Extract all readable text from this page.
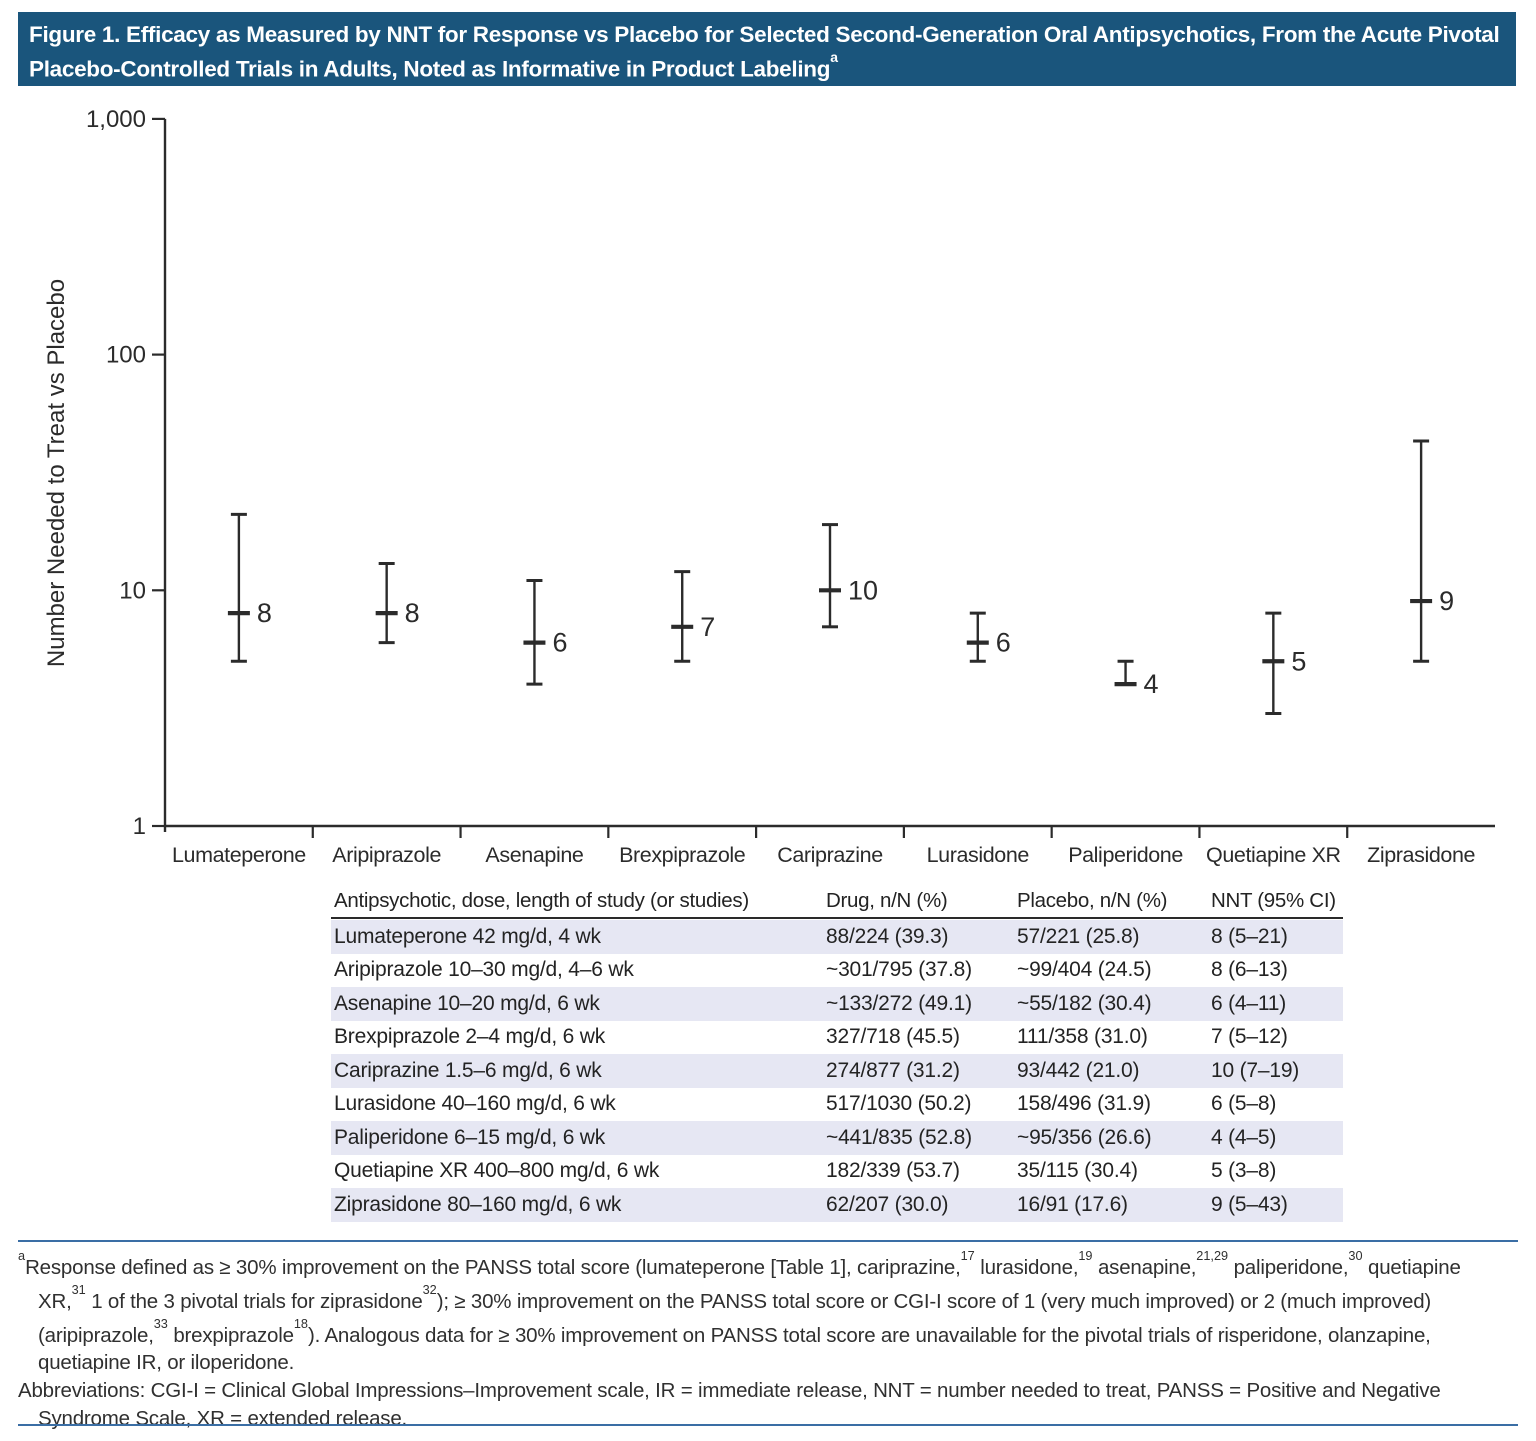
Figure 1. Efficacy as Measured by NNT for Response vs Placebo for Selected Second-Generation Oral Antipsychotics, From the Acute Pivotal Placebo-Controlled Trials in Adults, Noted as Informative in Product Labeling$^a$
1
10
100
1,000
Lumateperone Aripiprazole Asenapine Brexpiprazole Cariprazine Lurasidone Paliperidone Quetiapine XR Ziprasidone
Number Needed to Treat vs Placebo	8	8
6
7
10
6
4
5
9
Antipsychotic, dose, length of study (or studies)	Drug, n/N (%)	Placebo, n/N (%)	NNT (95% CI)
Lumateperone 42 mg/d, 4 wk	88/224 (39.3)	57/221 (25.8)	8 (5–21)
Aripiprazole 10–30 mg/d, 4–6 wk	~301/795 (37.8)	~99/404 (24.5)	8 (6–13)
Asenapine 10–20 mg/d, 6 wk	~133/272 (49.1)	~55/182 (30.4)	6 (4–11)
Brexpiprazole 2–4 mg/d, 6 wk	327/718 (45.5)	111/358 (31.0)	7 (5–12)
Cariprazine 1.5–6 mg/d, 6 wk	274/877 (31.2)	93/442 (21.0)	10 (7–19)
Lurasidone 40–160 mg/d, 6 wk	517/1030 (50.2)	158/496 (31.9)	6 (5–8)
Paliperidone 6–15 mg/d, 6 wk	~441/835 (52.8)	~95/356 (26.6)	4 (4–5)
Quetiapine XR 400–800 mg/d, 6 wk	182/339 (53.7)	35/115 (30.4)	5 (3–8)
Ziprasidone 80–160 mg/d, 6 wk	62/207 (30.0)	16/91 (17.6)	9 (5–43)

$^a$Response defined as ≥ 30% improvement on the PANSS total score (lumateperone [Table 1], cariprazine,$^{17}$ lurasidone,$^{19}$ asenapine,$^{21,29}$ paliperidone,$^{30}$ quetiapine XR,$^{31}$ 1 of the 3 pivotal trials for ziprasidone$^{32}$); ≥ 30% improvement on the PANSS total score or CGI-I score of 1 (very much improved) or 2 (much improved) (aripiprazole,$^{33}$ brexpiprazole$^{18}$). Analogous data for ≥ 30% improvement on PANSS total score are unavailable for the pivotal trials of risperidone, olanzapine, quetiapine IR, or iloperidone.

Abbreviations: CGI-I = Clinical Global Impressions–Improvement scale, IR = immediate release, NNT = number needed to treat, PANSS = Positive and Negative Syndrome Scale, XR = extended release.
